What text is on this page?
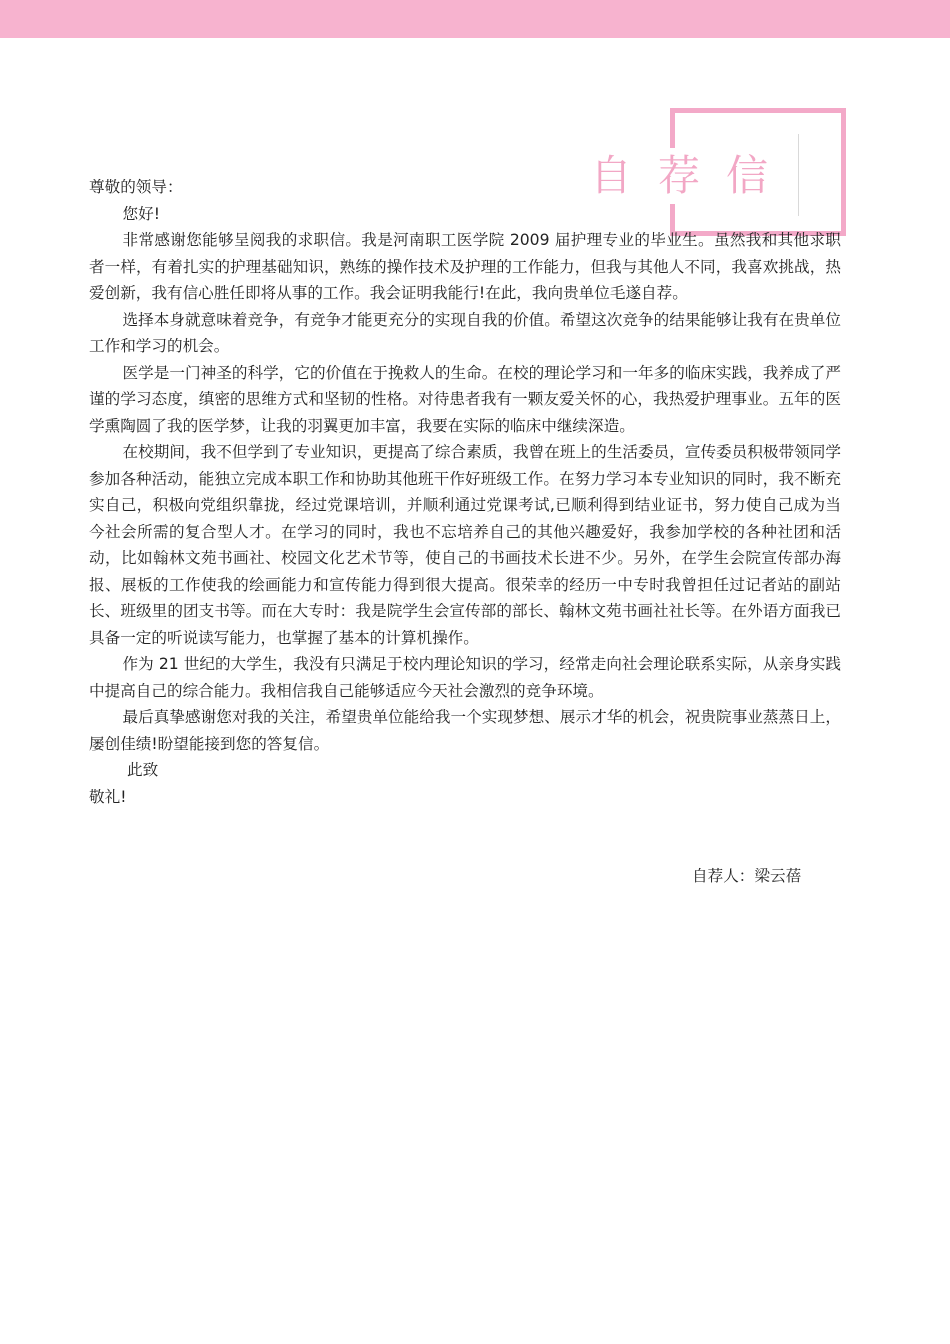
自荐信

尊敬的领导：

您好!

非常感谢您能够呈阅我的求职信。我是河南职工医学院 2009 届护理专业的毕业生。虽然我和其他求职者一样，有着扎实的护理基础知识，熟练的操作技术及护理的工作能力，但我与其他人不同，我喜欢挑战，热爱创新，我有信心胜任即将从事的工作。我会证明我能行!在此，我向贵单位毛遂自荐。

选择本身就意味着竞争，有竞争才能更充分的实现自我的价值。希望这次竞争的结果能够让我有在贵单位工作和学习的机会。

医学是一门神圣的科学，它的价值在于挽救人的生命。在校的理论学习和一年多的临床实践，我养成了严谨的学习态度，缜密的思维方式和坚韧的性格。对待患者我有一颗友爱关怀的心，我热爱护理事业。五年的医学熏陶圆了我的医学梦，让我的羽翼更加丰富，我要在实际的临床中继续深造。

在校期间，我不但学到了专业知识，更提高了综合素质，我曾在班上的生活委员，宣传委员积极带领同学参加各种活动，能独立完成本职工作和协助其他班干作好班级工作。在努力学习本专业知识的同时，我不断充实自己，积极向党组织靠拢，经过党课培训，并顺利通过党课考试,已顺利得到结业证书，努力使自己成为当今社会所需的复合型人才。在学习的同时，我也不忘培养自己的其他兴趣爱好，我参加学校的各种社团和活动，比如翰林文苑书画社、校园文化艺术节等，使自己的书画技术长进不少。另外，在学生会院宣传部办海报、展板的工作使我的绘画能力和宣传能力得到很大提高。很荣幸的经历一中专时我曾担任过记者站的副站长、班级里的团支书等。而在大专时：我是院学生会宣传部的部长、翰林文苑书画社社长等。在外语方面我已具备一定的听说读写能力，也掌握了基本的计算机操作。

作为 21 世纪的大学生，我没有只满足于校内理论知识的学习，经常走向社会理论联系实际，从亲身实践中提高自己的综合能力。我相信我自己能够适应今天社会激烈的竞争环境。

最后真挚感谢您对我的关注，希望贵单位能给我一个实现梦想、展示才华的机会，祝贵院事业蒸蒸日上，屡创佳绩!盼望能接到您的答复信。

此致

敬礼!

自荐人：梁云蓓
